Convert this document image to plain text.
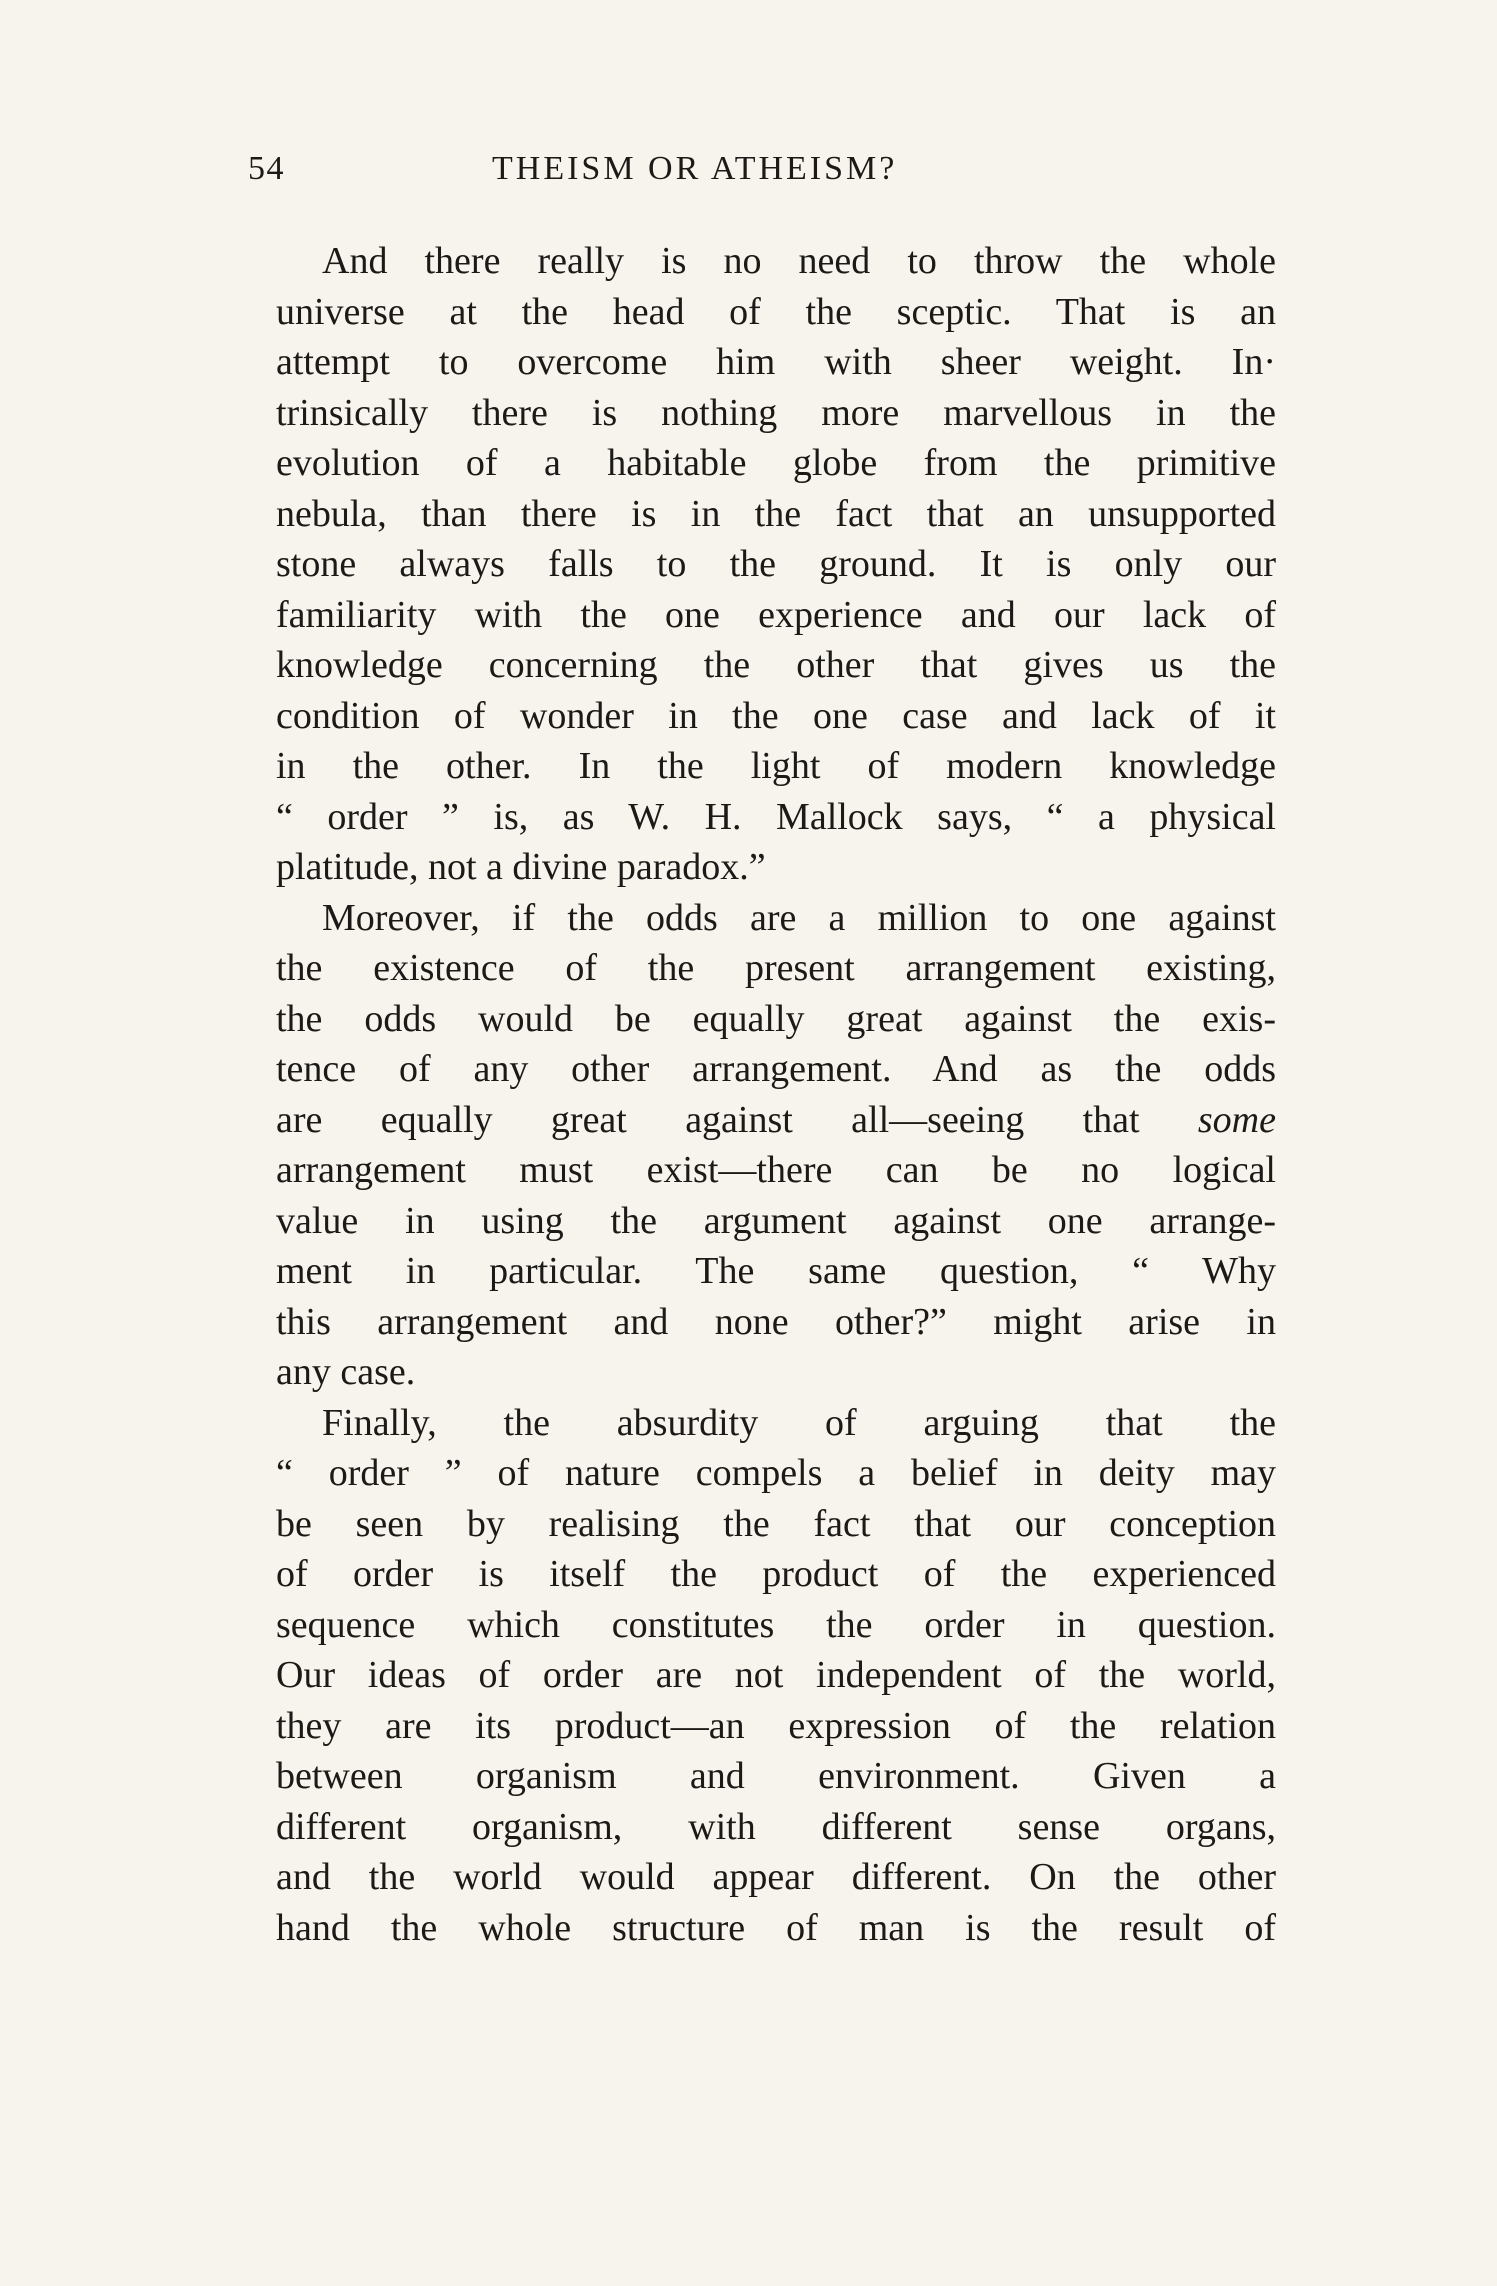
54	THEISM OR ATHEISM?
And there really is no need to throw the whole
universe at the head of the sceptic. That is an
attempt to overcome him with sheer weight. In·
trinsically there is nothing more marvellous in the
evolution of a habitable globe from the primitive
nebula, than there is in the fact that an unsupported
stone always falls to the ground. It is only our
familiarity with the one experience and our lack of
knowledge concerning the other that gives us the
condition of wonder in the one case and lack of it
in the other. In the light of modern knowledge
“ order ” is, as W. H. Mallock says, “ a physical
platitude, not a divine paradox.”
Moreover, if the odds are a million to one against
the existence of the present arrangement existing,
the odds would be equally great against the exis-
tence of any other arrangement. And as the odds
are equally great against all—seeing that some
arrangement must exist—there can be no logical
value in using the argument against one arrange-
ment in particular. The same question, “ Why
this arrangement and none other?” might arise in
any case.
Finally, the absurdity of arguing that the
“ order ” of nature compels a belief in deity may
be seen by realising the fact that our conception
of order is itself the product of the experienced
sequence which constitutes the order in question.
Our ideas of order are not independent of the world,
they are its product—an expression of the relation
between organism and environment. Given a
different organism, with different sense organs,
and the world would appear different. On the other
hand the whole structure of man is the result of
